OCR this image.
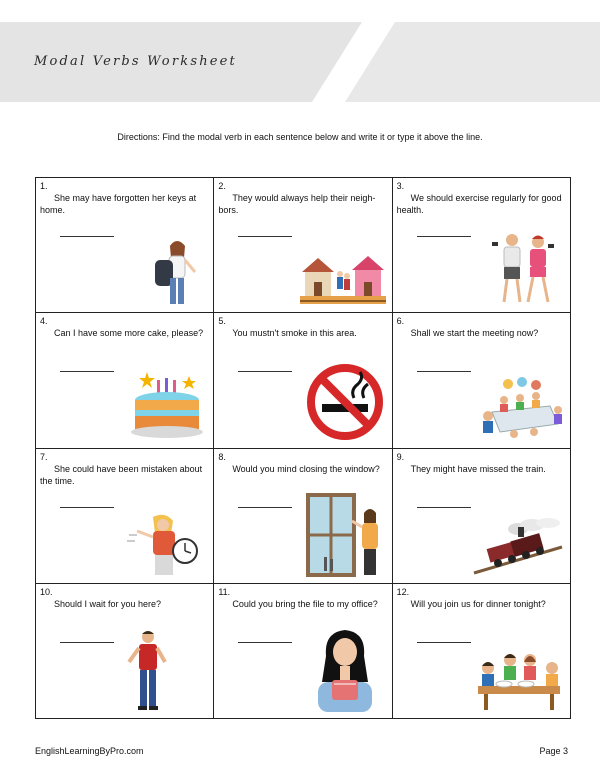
Modal Verbs Worksheet
Directions: Find the modal verb in each sentence below and write it or type it above the line.
1.
She may have forgotten her keys at home.
2.
They would always help their neigh- bors.
3.
We should exercise regularly for good health.
4.
Can I have some more cake, please?
5.
You mustn't smoke in this area.
6.
Shall we start the meeting now?
7.
She could have been mistaken about the time.
8.
Would you mind closing the window?
9.
They might have missed the train.
10.
Should I wait for you here?
11.
Could you bring the file to my office?
12.
Will you join us for dinner tonight?
EnglishLearningByPro.com	Page 3
